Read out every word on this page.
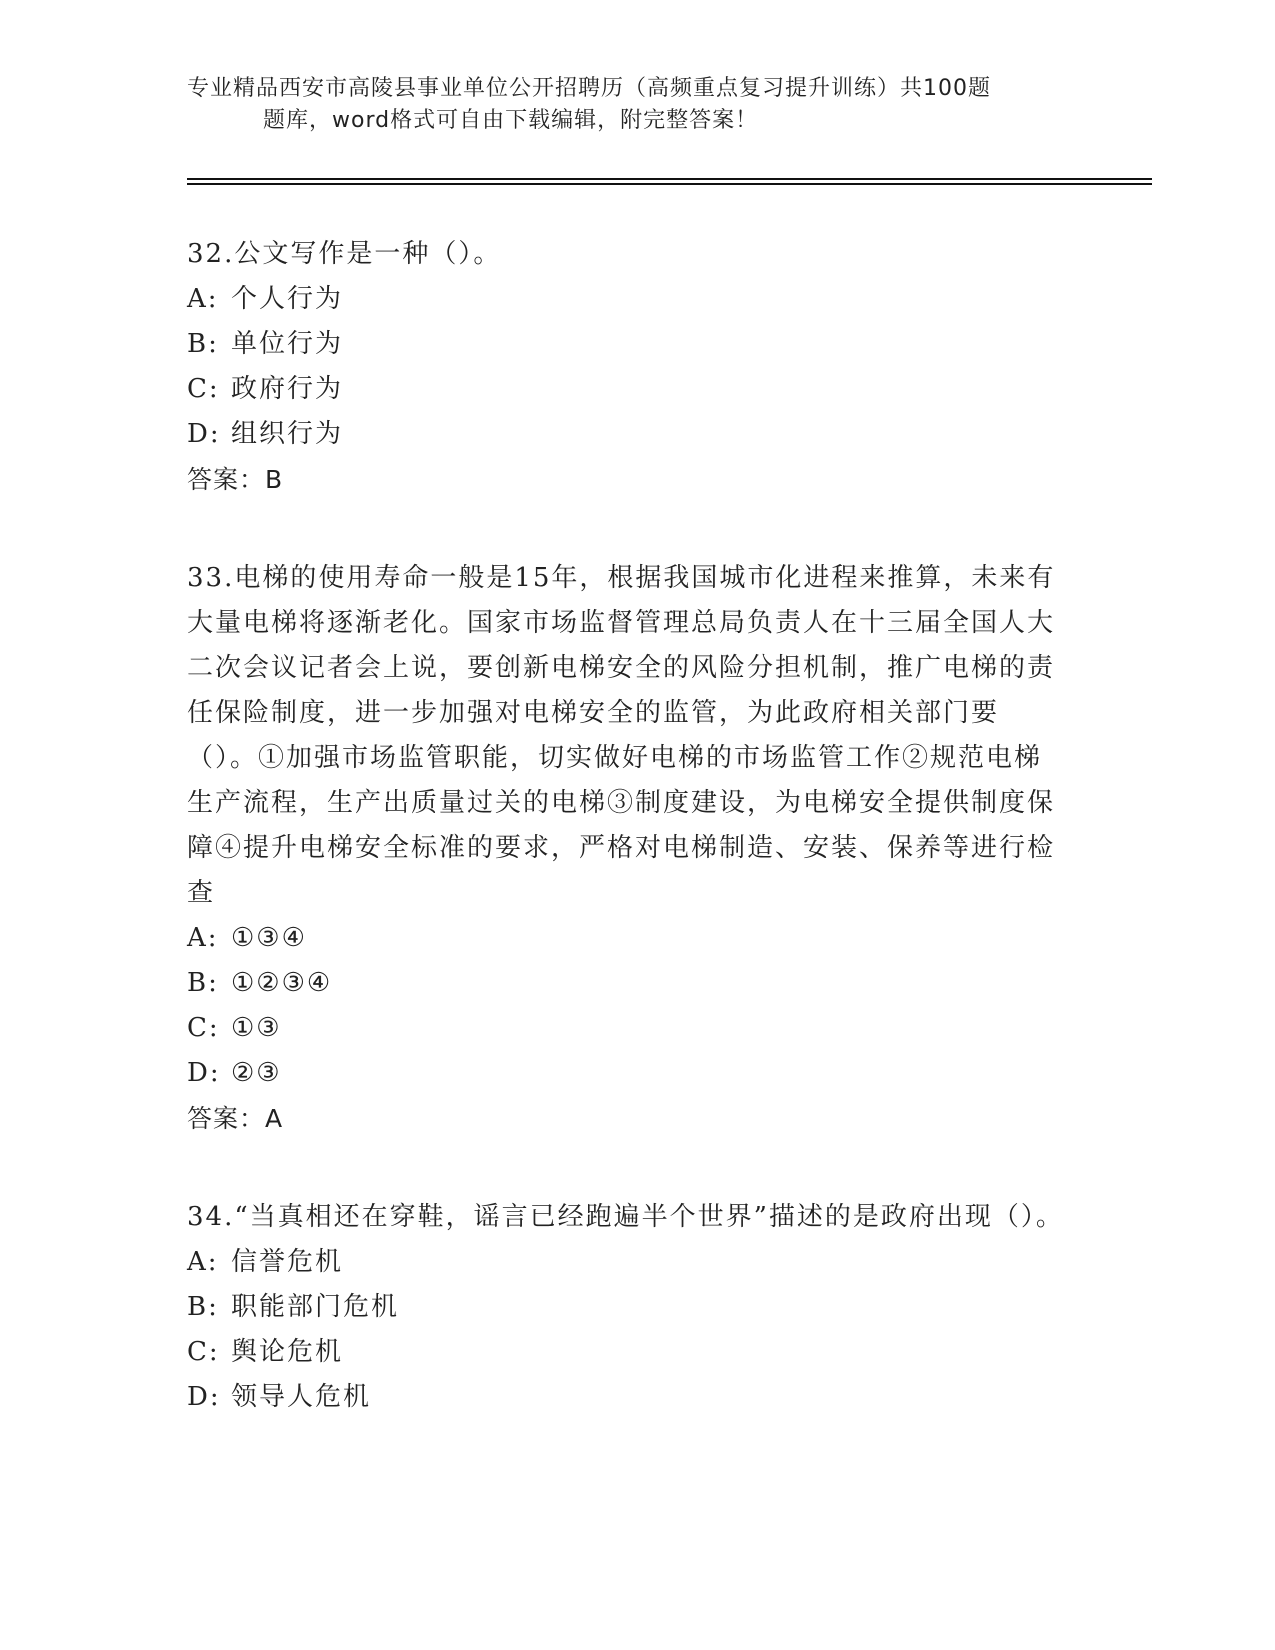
专业精品西安市高陵县事业单位公开招聘历（高频重点复习提升训练）共100题
题库，word格式可自由下载编辑，附完整答案！

32.公文写作是一种（）。

A: 个人行为

B: 单位行为

C: 政府行为

D: 组织行为

答案：B

33.电梯的使用寿命一般是15年，根据我国城市化进程来推算，未来有大量电梯将逐渐老化。国家市场监督管理总局负责人在十三届全国人大二次会议记者会上说，要创新电梯安全的风险分担机制，推广电梯的责任保险制度，进一步加强对电梯安全的监管，为此政府相关部门要（）。①加强市场监管职能，切实做好电梯的市场监管工作②规范电梯生产流程，生产出质量过关的电梯③制度建设，为电梯安全提供制度保障④提升电梯安全标准的要求，严格对电梯制造、安装、保养等进行检查

A: ①③④

B: ①②③④

C: ①③

D: ②③

答案：A

34.“当真相还在穿鞋，谣言已经跑遍半个世界”描述的是政府出现（）。

A: 信誉危机

B: 职能部门危机

C: 舆论危机

D: 领导人危机
